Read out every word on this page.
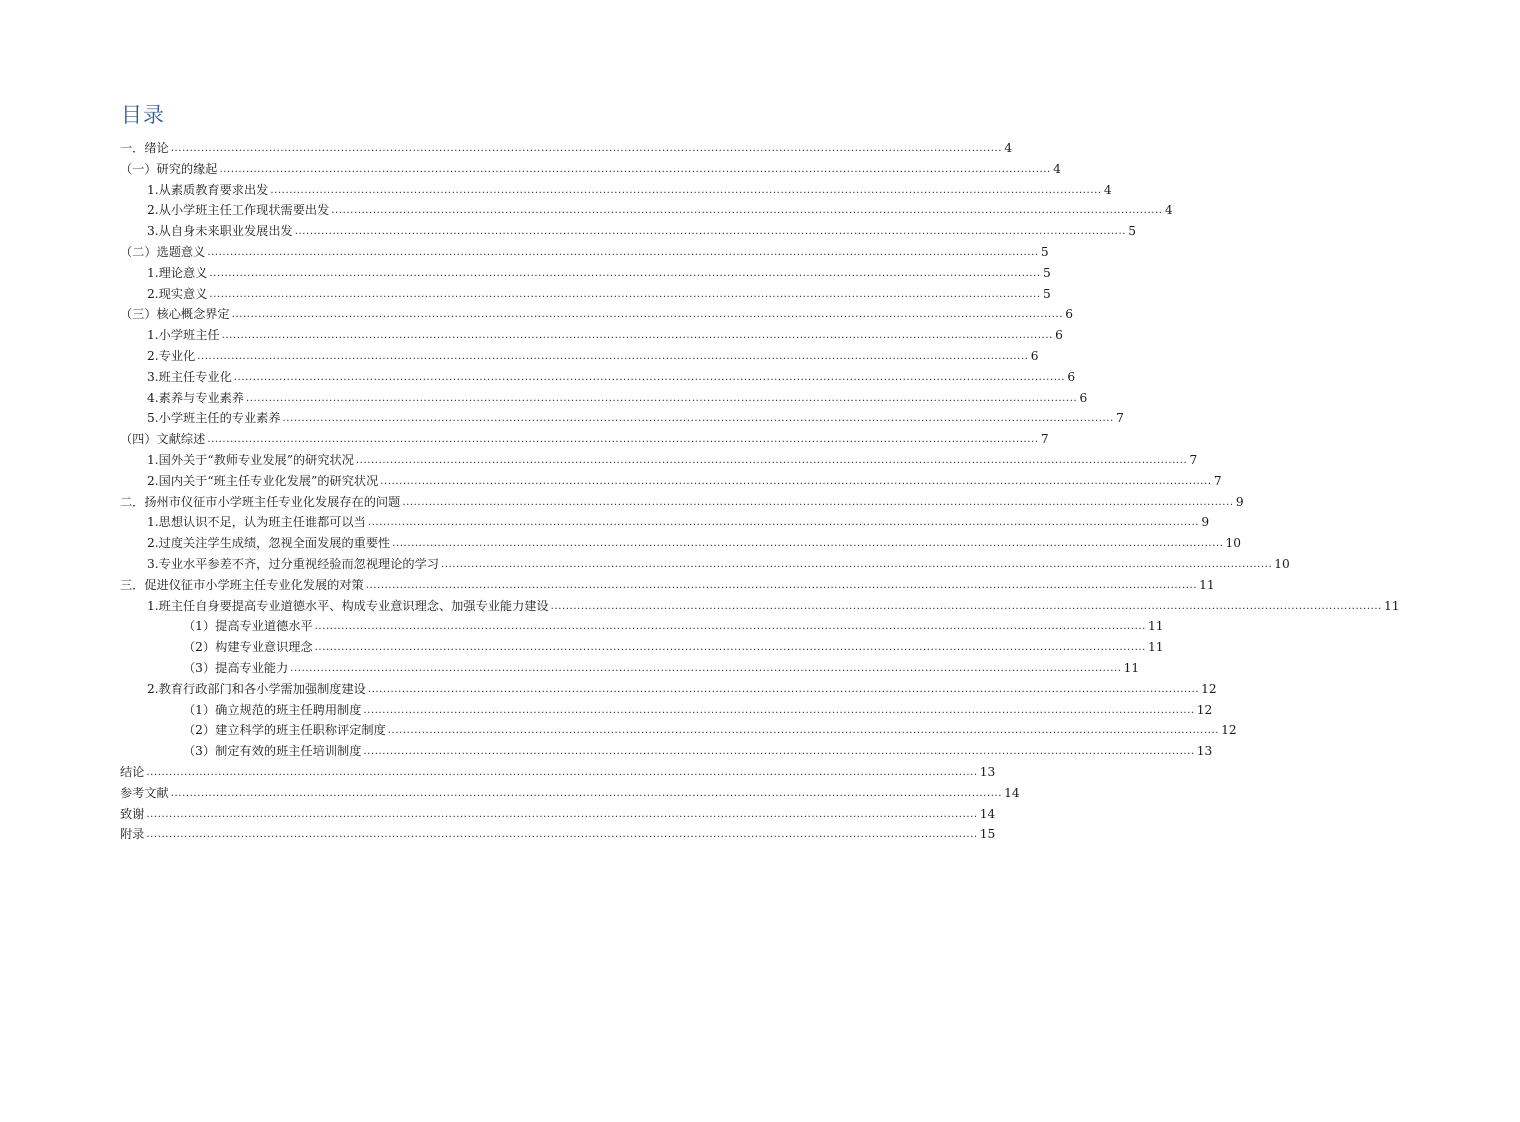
目录
一．绪论 ............................................................................................................................................................................................................................ 4
（一）研究的缘起 ............................................................................................................................................................................................................................ 4
1.从素质教育要求出发 ............................................................................................................................................................................................................................ 4
2.从小学班主任工作现状需要出发 ............................................................................................................................................................................................................................ 4
3.从自身未来职业发展出发 ............................................................................................................................................................................................................................ 5
（二）选题意义 ............................................................................................................................................................................................................................ 5
1.理论意义 ............................................................................................................................................................................................................................ 5
2.现实意义 ............................................................................................................................................................................................................................ 5
（三）核心概念界定 ............................................................................................................................................................................................................................ 6
1.小学班主任 ............................................................................................................................................................................................................................ 6
2.专业化 ............................................................................................................................................................................................................................ 6
3.班主任专业化 ............................................................................................................................................................................................................................ 6
4.素养与专业素养 ............................................................................................................................................................................................................................ 6
5.小学班主任的专业素养 ............................................................................................................................................................................................................................ 7
（四）文献综述 ............................................................................................................................................................................................................................ 7
1.国外关于“教师专业发展”的研究状况 ............................................................................................................................................................................................................................ 7
2.国内关于“班主任专业化发展”的研究状况 ............................................................................................................................................................................................................................ 7
二．扬州市仪征市小学班主任专业化发展存在的问题 ............................................................................................................................................................................................................................ 9
1.思想认识不足，认为班主任谁都可以当 ............................................................................................................................................................................................................................ 9
2.过度关注学生成绩，忽视全面发展的重要性 ............................................................................................................................................................................................................................ 10
3.专业水平参差不齐，过分重视经验而忽视理论的学习 ............................................................................................................................................................................................................................ 10
三．促进仪征市小学班主任专业化发展的对策 ............................................................................................................................................................................................................................ 11
1.班主任自身要提高专业道德水平、构成专业意识理念、加强专业能力建设 ............................................................................................................................................................................................................................ 11
（1）提高专业道德水平 ............................................................................................................................................................................................................................ 11
（2）构建专业意识理念 ............................................................................................................................................................................................................................ 11
（3）提高专业能力 ............................................................................................................................................................................................................................ 11
2.教育行政部门和各小学需加强制度建设 ............................................................................................................................................................................................................................ 12
（1）确立规范的班主任聘用制度 ............................................................................................................................................................................................................................ 12
（2）建立科学的班主任职称评定制度 ............................................................................................................................................................................................................................ 12
（3）制定有效的班主任培训制度 ............................................................................................................................................................................................................................ 13
结论 ............................................................................................................................................................................................................................ 13
参考文献 ............................................................................................................................................................................................................................ 14
致谢 ............................................................................................................................................................................................................................ 14
附录 ............................................................................................................................................................................................................................ 15
